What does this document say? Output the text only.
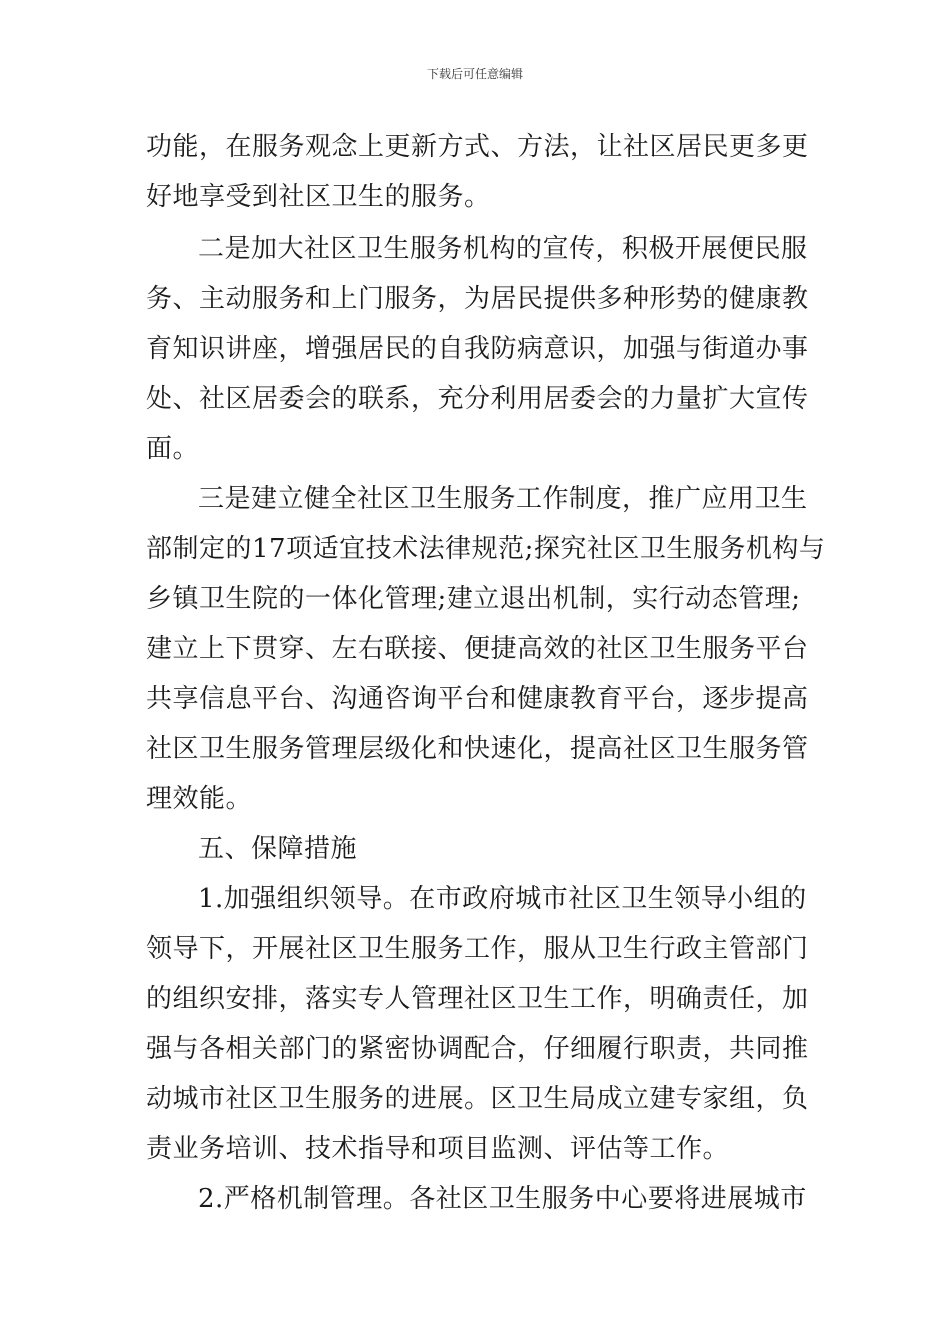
下载后可任意编辑
功能，在服务观念上更新方式、方法，让社区居民更多更
好地享受到社区卫生的服务。
二是加大社区卫生服务机构的宣传，积极开展便民服
务、主动服务和上门服务，为居民提供多种形势的健康教
育知识讲座，增强居民的自我防病意识，加强与街道办事
处、社区居委会的联系，充分利用居委会的力量扩大宣传
面。
三是建立健全社区卫生服务工作制度，推广应用卫生
部制定的17项适宜技术法律规范;探究社区卫生服务机构与
乡镇卫生院的一体化管理;建立退出机制，实行动态管理;
建立上下贯穿、左右联接、便捷高效的社区卫生服务平台
共享信息平台、沟通咨询平台和健康教育平台，逐步提高
社区卫生服务管理层级化和快速化，提高社区卫生服务管
理效能。
五、保障措施
1.加强组织领导。在市政府城市社区卫生领导小组的
领导下，开展社区卫生服务工作，服从卫生行政主管部门
的组织安排，落实专人管理社区卫生工作，明确责任，加
强与各相关部门的紧密协调配合，仔细履行职责，共同推
动城市社区卫生服务的进展。区卫生局成立建专家组，负
责业务培训、技术指导和项目监测、评估等工作。
2.严格机制管理。各社区卫生服务中心要将进展城市
